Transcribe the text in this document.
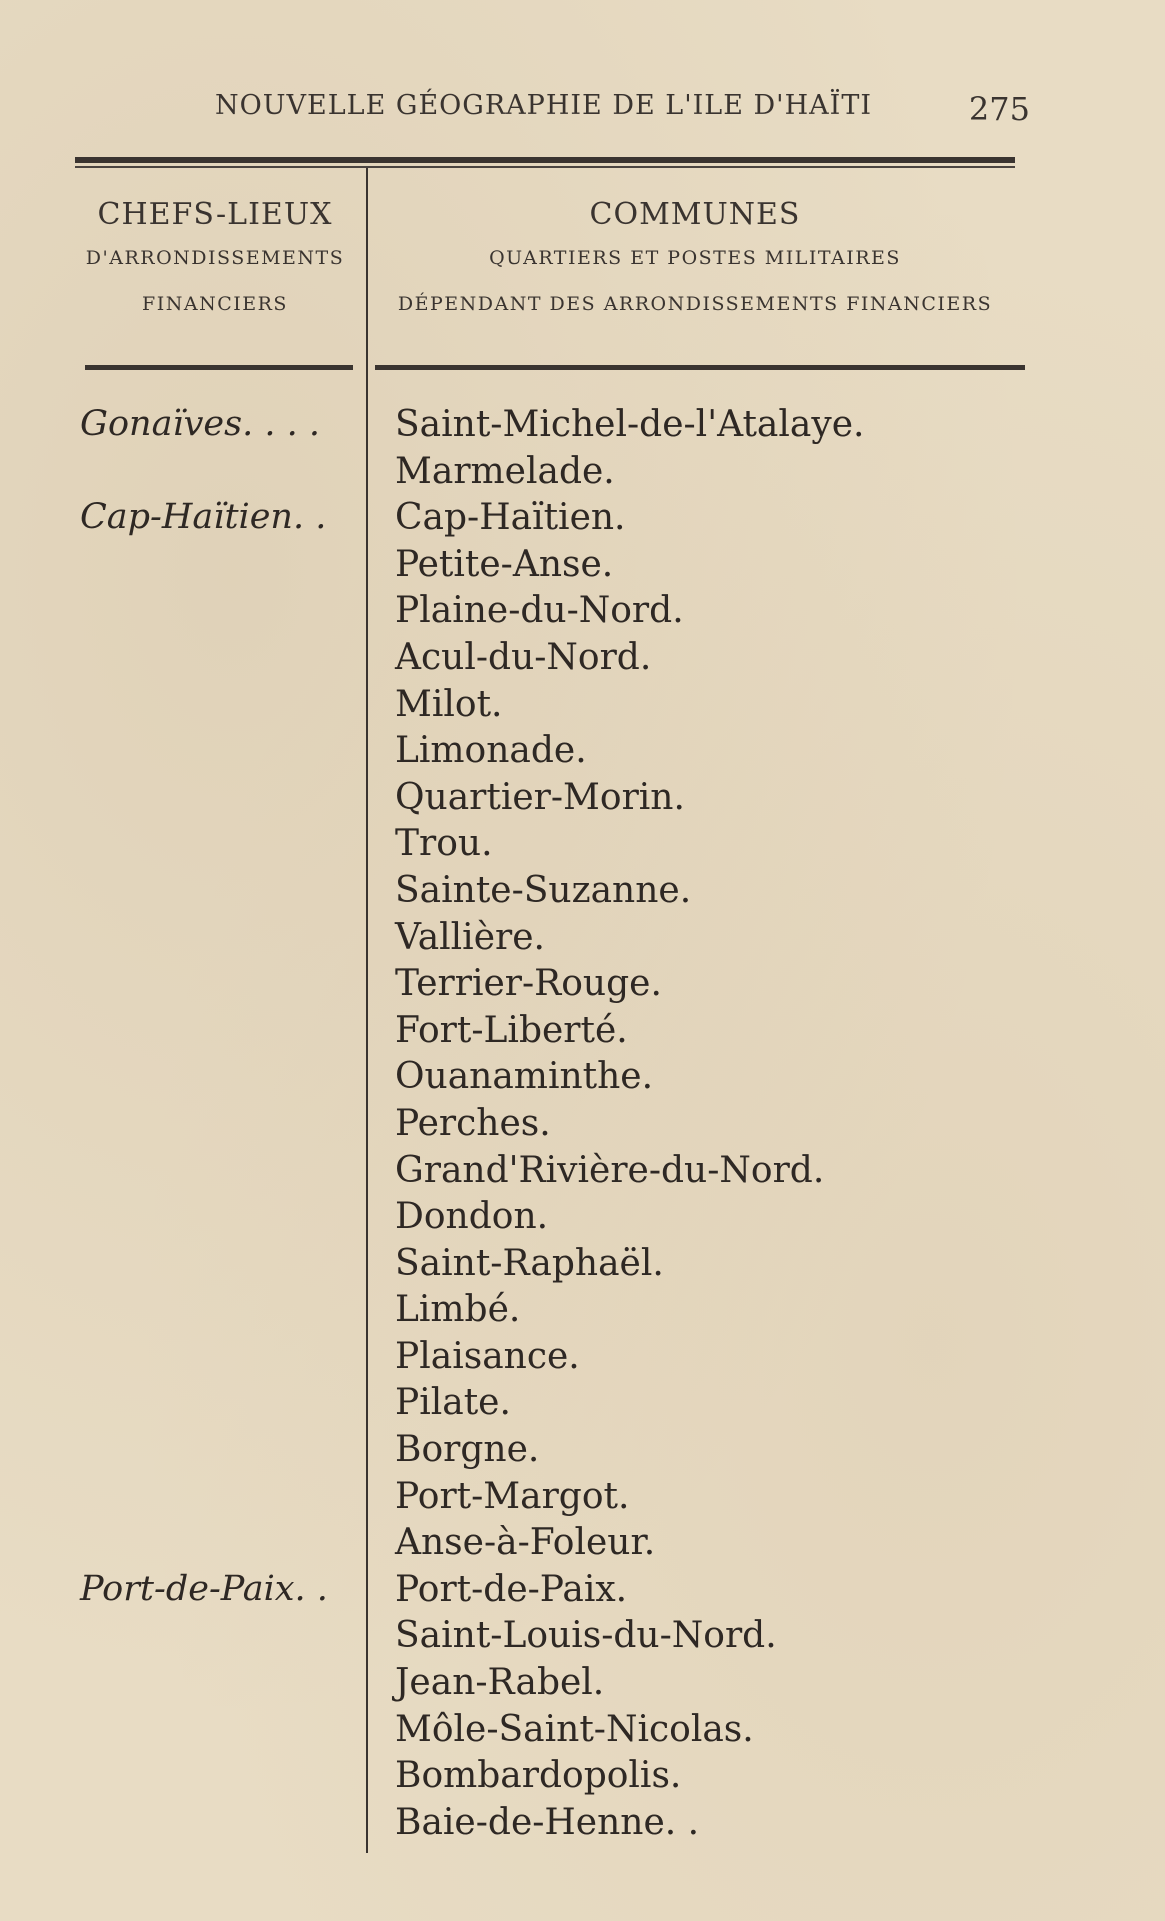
NOUVELLE GÉOGRAPHIE DE L'ILE D'HAÏTI	275
CHEFS-LIEUX
D'ARRONDISSEMENTS
FINANCIERS
COMMUNES
QUARTIERS ET POSTES MILITAIRES
DÉPENDANT DES ARRONDISSEMENTS FINANCIERS
Gonaïves. . . . Saint-Michel-de-l'Atalaye.
Marmelade.
Cap-Haïtien. . Cap-Haïtien.
Petite-Anse.
Plaine-du-Nord.
Acul-du-Nord.
Milot.
Limonade.
Quartier-Morin.
Trou.
Sainte-Suzanne.
Vallière.
Terrier-Rouge.
Fort-Liberté.
Ouanaminthe.
Perches.
Grand'Rivière-du-Nord.
Dondon.
Saint-Raphaël.
Limbé.
Plaisance.
Pilate.
Borgne.
Port-Margot.
Anse-à-Foleur.
Port-de-Paix. . Port-de-Paix.
Saint-Louis-du-Nord.
Jean-Rabel.
Môle-Saint-Nicolas.
Bombardopolis.
Baie-de-Henne. .
